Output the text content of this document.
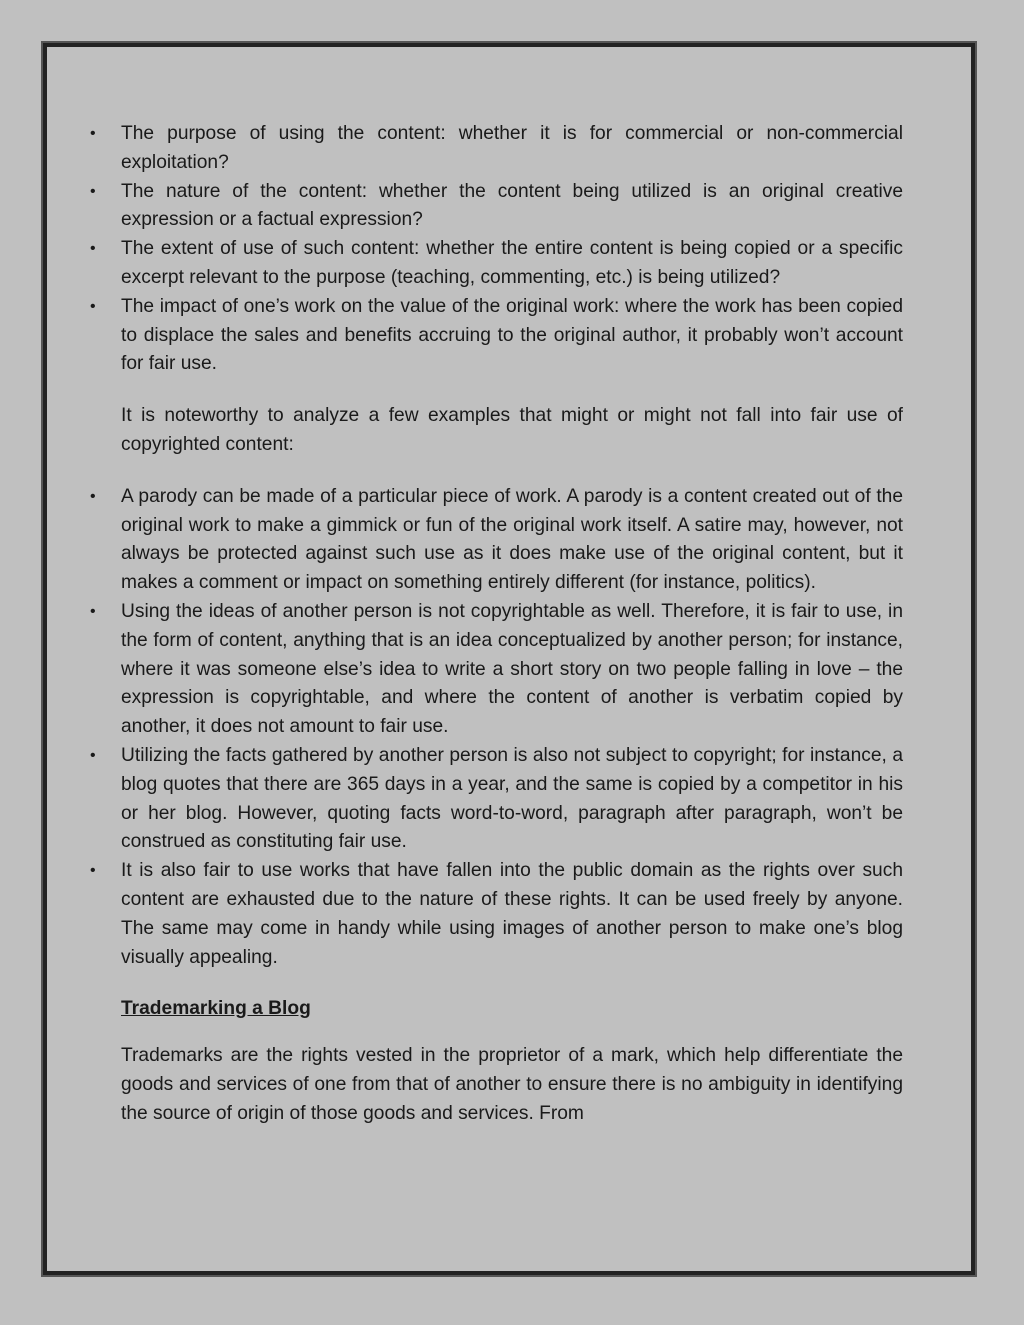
• The purpose of using the content: whether it is for commercial or non-commercial exploitation?
• The nature of the content: whether the content being utilized is an original creative expression or a factual expression?
• The extent of use of such content: whether the entire content is being copied or a specific excerpt relevant to the purpose (teaching, commenting, etc.) is being utilized?
• The impact of one’s work on the value of the original work: where the work has been copied to displace the sales and benefits accruing to the original author, it probably won’t account for fair use.

It is noteworthy to analyze a few examples that might or might not fall into fair use of copyrighted content:

• A parody can be made of a particular piece of work. A parody is a content created out of the original work to make a gimmick or fun of the original work itself. A satire may, however, not always be protected against such use as it does make use of the original content, but it makes a comment or impact on something entirely different (for instance, politics).
• Using the ideas of another person is not copyrightable as well. Therefore, it is fair to use, in the form of content, anything that is an idea conceptualized by another person; for instance, where it was someone else’s idea to write a short story on two people falling in love – the expression is copyrightable, and where the content of another is verbatim copied by another, it does not amount to fair use.
• Utilizing the facts gathered by another person is also not subject to copyright; for instance, a blog quotes that there are 365 days in a year, and the same is copied by a competitor in his or her blog. However, quoting facts word-to-word, paragraph after paragraph, won’t be construed as constituting fair use.
• It is also fair to use works that have fallen into the public domain as the rights over such content are exhausted due to the nature of these rights. It can be used freely by anyone. The same may come in handy while using images of another person to make one’s blog visually appealing.

Trademarking a Blog

Trademarks are the rights vested in the proprietor of a mark, which help differentiate the goods and services of one from that of another to ensure there is no ambiguity in identifying the source of origin of those goods and services. From
